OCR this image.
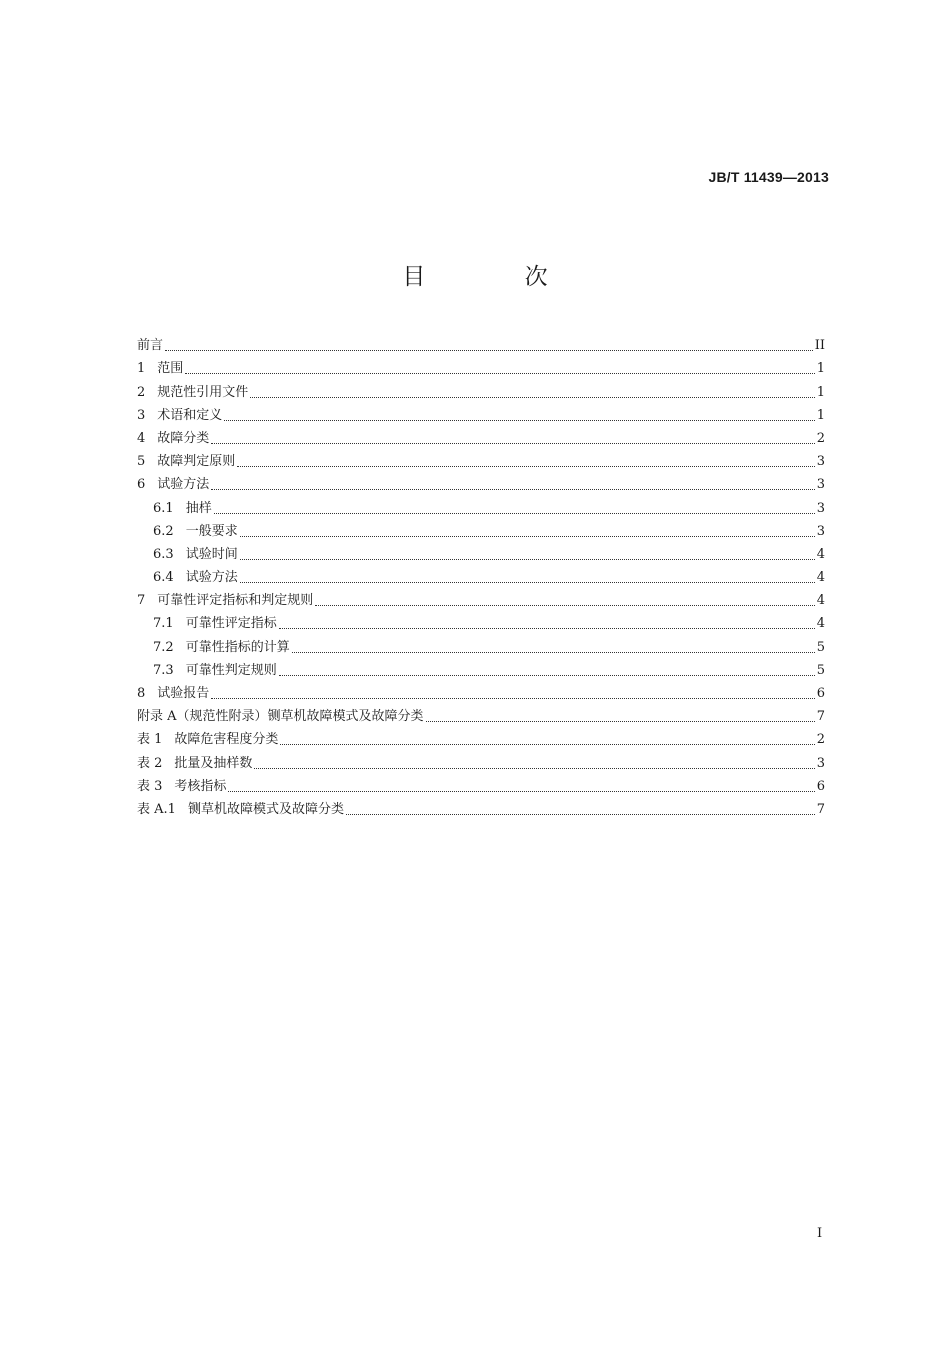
JB/T 11439—2013
目 次
前言	II
1 范围	1
2 规范性引用文件	1
3 术语和定义	1
4 故障分类	2
5 故障判定原则	3
6 试验方法	3
6.1 抽样	3
6.2 一般要求	3
6.3 试验时间	4
6.4 试验方法	4
7 可靠性评定指标和判定规则	4
7.1 可靠性评定指标	4
7.2 可靠性指标的计算	5
7.3 可靠性判定规则	5
8 试验报告	6
附录 A （规范性附录）铡草机故障模式及故障分类	7
表 1 故障危害程度分类	2
表 2 批量及抽样数	3
表 3 考核指标	6
表 A.1 铡草机故障模式及故障分类	7
I
